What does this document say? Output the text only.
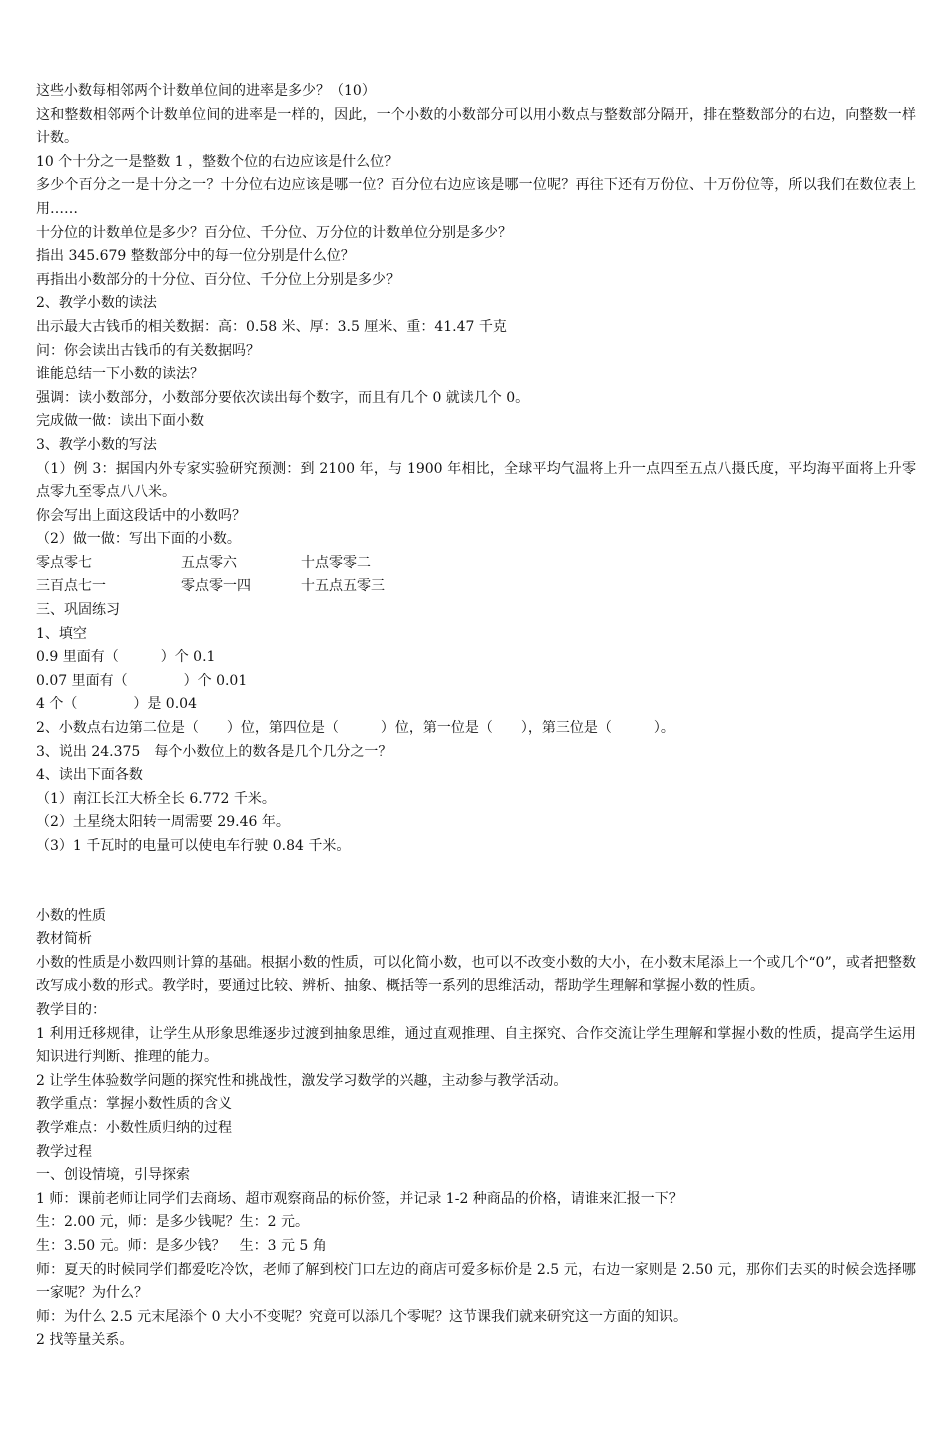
这些小数每相邻两个计数单位间的进率是多少？（10）
这和整数相邻两个计数单位间的进率是一样的，因此，一个小数的小数部分可以用小数点与整数部分隔开，排在整数部分的右边，向整数一样计数。
10 个十分之一是整数 1 ，整数个位的右边应该是什么位？
多少个百分之一是十分之一？十分位右边应该是哪一位？百分位右边应该是哪一位呢？再往下还有万份位、十万份位等，所以我们在数位表上用……
十分位的计数单位是多少？百分位、千分位、万分位的计数单位分别是多少？
指出 345.679 整数部分中的每一位分别是什么位？
再指出小数部分的十分位、百分位、千分位上分别是多少？
2、教学小数的读法
出示最大古钱币的相关数据：高：0.58 米、厚：3.5 厘米、重：41.47 千克
问：你会读出古钱币的有关数据吗？
谁能总结一下小数的读法？
强调：读小数部分，小数部分要依次读出每个数字，而且有几个 0 就读几个 0。
完成做一做：读出下面小数
3、教学小数的写法
（1）例 3：据国内外专家实验研究预测：到 2100 年，与 1900 年相比，全球平均气温将上升一点四至五点八摄氏度，平均海平面将上升零点零九至零点八八米。
你会写出上面这段话中的小数吗？
（2）做一做：写出下面的小数。
零点零七	五点零六	十点零零二
三百点七一	零点零一四	十五点五零三
三、巩固练习
1、填空
0.9 里面有（　　　）个 0.1
0.07 里面有（　　　　）个 0.01
4 个（　　　　）是 0.04
2、小数点右边第二位是（　　）位，第四位是（　　　）位，第一位是（　　），第三位是（　　　）。
3、说出 24.375　每个小数位上的数各是几个几分之一？
4、读出下面各数
（1）南江长江大桥全长 6.772 千米。
（2）土星绕太阳转一周需要 29.46 年。
（3）1 千瓦时的电量可以使电车行驶 0.84 千米。
小数的性质
教材简析
小数的性质是小数四则计算的基础。根据小数的性质，可以化简小数，也可以不改变小数的大小，在小数末尾添上一个或几个“0”，或者把整数改写成小数的形式。教学时，要通过比较、辨析、抽象、概括等一系列的思维活动，帮助学生理解和掌握小数的性质。
教学目的：
1 利用迁移规律，让学生从形象思维逐步过渡到抽象思维，通过直观推理、自主探究、合作交流让学生理解和掌握小数的性质，提高学生运用知识进行判断、推理的能力。
2 让学生体验数学问题的探究性和挑战性，激发学习数学的兴趣，主动参与教学活动。
教学重点：掌握小数性质的含义
教学难点：小数性质归纳的过程
教学过程
一、创设情境，引导探索
1 师：课前老师让同学们去商场、超市观察商品的标价签，并记录 1-2 种商品的价格，请谁来汇报一下？
生：2.00 元，师：是多少钱呢？生：2 元。
生：3.50 元。师：是多少钱？　生：3 元 5 角
师：夏天的时候同学们都爱吃冷饮，老师了解到校门口左边的商店可爱多标价是 2.5 元，右边一家则是 2.50 元，那你们去买的时候会选择哪一家呢？为什么？
师：为什么 2.5 元末尾添个 0 大小不变呢？究竟可以添几个零呢？这节课我们就来研究这一方面的知识。
2 找等量关系。
